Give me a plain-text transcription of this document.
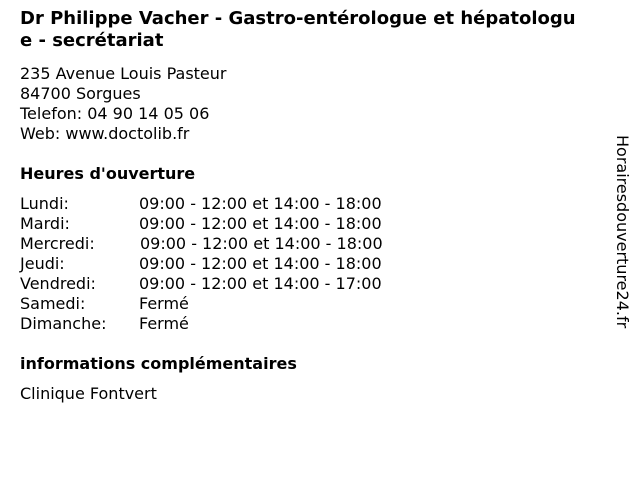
Dr Philippe Vacher - Gastro-entérologue et hépatologue - secrétariat
235 Avenue Louis Pasteur
84700 Sorgues
Telefon: 04 90 14 05 06
Web: www.doctolib.fr
Heures d'ouverture
Lundi:	09:00 - 12:00 et 14:00 - 18:00
Mardi:	09:00 - 12:00 et 14:00 - 18:00
Mercredi:	09:00 - 12:00 et 14:00 - 18:00
Jeudi:	09:00 - 12:00 et 14:00 - 18:00
Vendredi:	09:00 - 12:00 et 14:00 - 17:00
Samedi:	Fermé
Dimanche: Fermé
informations complémentaires
Clinique Fontvert
Horairesdouverture24.fr
